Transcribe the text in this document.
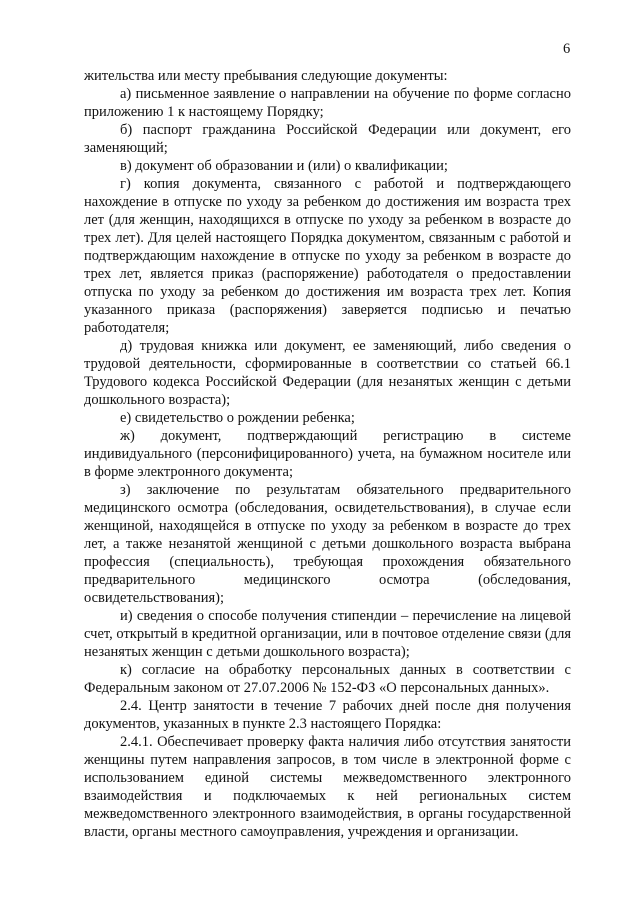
6

жительства или месту пребывания следующие документы:

а) письменное заявление о направлении на обучение по форме согласно приложению 1 к настоящему Порядку;

б) паспорт гражданина Российской Федерации или документ, его заменяющий;

в) документ об образовании и (или) о квалификации;

г) копия документа, связанного с работой и подтверждающего нахождение в отпуске по уходу за ребенком до достижения им возраста трех лет (для женщин, находящихся в отпуске по уходу за ребенком в возрасте до трех лет). Для целей настоящего Порядка документом, связанным с работой и подтверждающим нахождение в отпуске по уходу за ребенком в возрасте до трех лет, является приказ (распоряжение) работодателя о предоставлении отпуска по уходу за ребенком до достижения им возраста трех лет. Копия указанного приказа (распоряжения) заверяется подписью и печатью работодателя;

д) трудовая книжка или документ, ее заменяющий, либо сведения о трудовой деятельности, сформированные в соответствии со статьей 66.1 Трудового кодекса Российской Федерации (для незанятых женщин с детьми дошкольного возраста);

е) свидетельство о рождении ребенка;

ж) документ, подтверждающий регистрацию в системе индивидуального (персонифицированного) учета, на бумажном носителе или в форме электронного документа;

з) заключение по результатам обязательного предварительного медицинского осмотра (обследования, освидетельствования), в случае если женщиной, находящейся в отпуске по уходу за ребенком в возрасте до трех лет, а также незанятой женщиной с детьми дошкольного возраста выбрана профессия (специальность), требующая прохождения обязательного предварительного медицинского осмотра (обследования, освидетельствования);

и) сведения о способе получения стипендии – перечисление на лицевой счет, открытый в кредитной организации, или в почтовое отделение связи (для незанятых женщин с детьми дошкольного возраста);

к) согласие на обработку персональных данных в соответствии с Федеральным законом от 27.07.2006 № 152-ФЗ «О персональных данных».

2.4. Центр занятости в течение 7 рабочих дней после дня получения документов, указанных в пункте 2.3 настоящего Порядка:

2.4.1. Обеспечивает проверку факта наличия либо отсутствия занятости женщины путем направления запросов, в том числе в электронной форме с использованием единой системы межведомственного электронного взаимодействия и подключаемых к ней региональных систем межведомственного электронного взаимодействия, в органы государственной власти, органы местного самоуправления, учреждения и организации.
